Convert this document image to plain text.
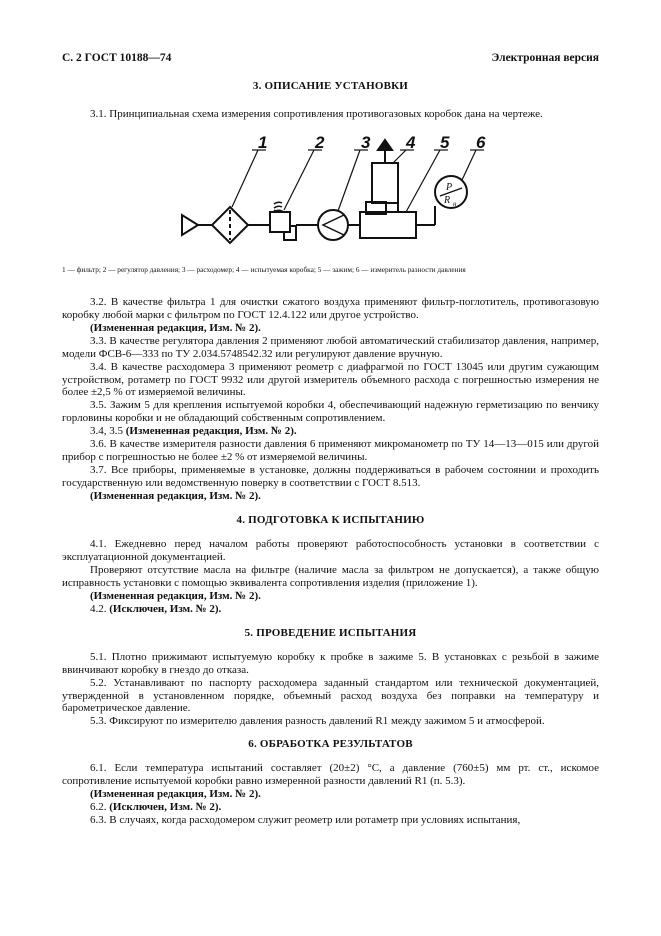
С. 2 ГОСТ 10188—74	Электронная версия
3. ОПИСАНИЕ УСТАНОВКИ
3.1. Принципиальная схема измерения сопротивления противогазовых коробок дана на чертеже.
1	2 3 4 5 6
P
R н
1 — фильтр; 2 — регулятор давления; 3 — расходомер; 4 — испытуемая коробка; 5 — зажим; 6 — измеритель разности давления
3.2. В качестве фильтра 1 для очистки сжатого воздуха применяют фильтр-поглотитель, противогазовую коробку любой марки с фильтром по ГОСТ 12.4.122 или другое устройство.
(Измененная редакция, Изм. № 2).
3.3. В качестве регулятора давления 2 применяют любой автоматический стабилизатор давления, например, модели ФСВ-6—333 по ТУ 2.034.5748542.32 или регулируют давление вручную.
3.4. В качестве расходомера 3 применяют реометр с диафрагмой по ГОСТ 13045 или другим сужающим устройством, ротаметр по ГОСТ 9932 или другой измеритель объемного расхода с погрешностью измерения не более ±2,5 % от измеряемой величины.
3.5. Зажим 5 для крепления испытуемой коробки 4, обеспечивающий надежную герметизацию по венчику горловины коробки и не обладающий собственным сопротивлением.
3.4, 3.5 (Измененная редакция, Изм. № 2).
3.6. В качестве измерителя разности давления 6 применяют микроманометр по ТУ 14—13—015 или другой прибор с погрешностью не более ±2 % от измеряемой величины.
3.7. Все приборы, применяемые в установке, должны поддерживаться в рабочем состоянии и проходить государственную или ведомственную поверку в соответствии с ГОСТ 8.513.
(Измененная редакция, Изм. № 2).
4. ПОДГОТОВКА К ИСПЫТАНИЮ
4.1. Ежедневно перед началом работы проверяют работоспособность установки в соответствии с эксплуатационной документацией.
Проверяют отсутствие масла на фильтре (наличие масла за фильтром не допускается), а также общую исправность установки с помощью эквивалента сопротивления изделия (приложение 1).
(Измененная редакция, Изм. № 2).
4.2. (Исключен, Изм. № 2).
5. ПРОВЕДЕНИЕ ИСПЫТАНИЯ
5.1. Плотно прижимают испытуемую коробку к пробке в зажиме 5. В установках с резьбой в зажиме ввинчивают коробку в гнездо до отказа.
5.2. Устанавливают по паспорту расходомера заданный стандартом или технической документацией, утвержденной в установленном порядке, объемный расход воздуха без поправки на температуру и барометрическое давление.
5.3. Фиксируют по измерителю давления разность давлений R1 между зажимом 5 и атмосферой.
6. ОБРАБОТКА РЕЗУЛЬТАТОВ
6.1. Если температура испытаний составляет (20±2) °С, а давление (760±5) мм рт. ст., искомое сопротивление испытуемой коробки равно измеренной разности давлений R1 (п. 5.3).
(Измененная редакция, Изм. № 2).
6.2. (Исключен, Изм. № 2).
6.3. В случаях, когда расходомером служит реометр или ротаметр при условиях испытания,
